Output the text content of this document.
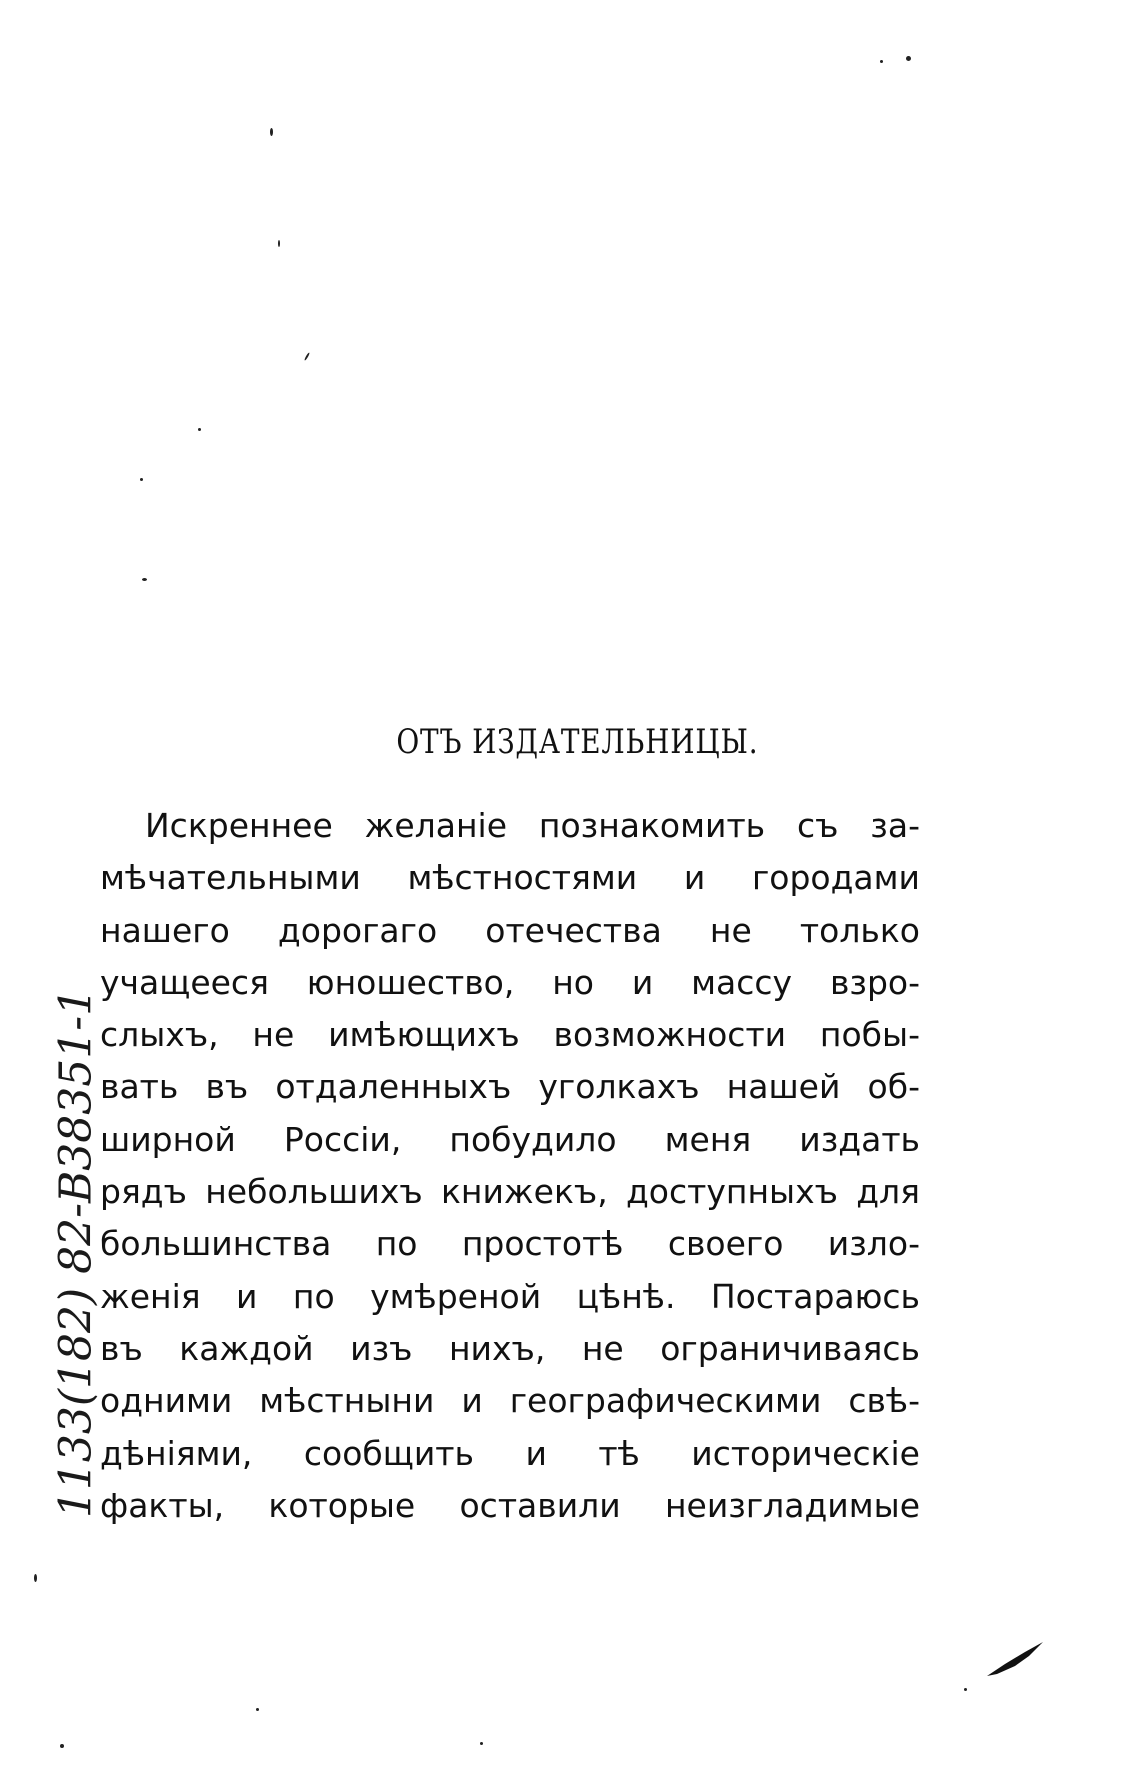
1133(182) 82-B38351-1
ОТЪ ИЗДАТЕЛЬНИЦЫ.
Искреннее желаніе познакомить съ за-
мѣчательными мѣстностями и городами
нашего дорогаго отечества не только
учащееся юношество, но и массу взро-
слыхъ, не имѣющихъ возможности побы-
вать въ отдаленныхъ уголкахъ нашей об-
ширной Россіи, побудило меня издать
рядъ небольшихъ книжекъ, доступныхъ для
большинства по простотѣ своего изло-
женія и по умѣреной цѣнѣ. Постараюсь
въ каждой изъ нихъ, не ограничиваясь
одними мѣстныни и географическими свѣ-
дѣніями, сообщить и тѣ историческіе
факты, которые оставили неизгладимые
